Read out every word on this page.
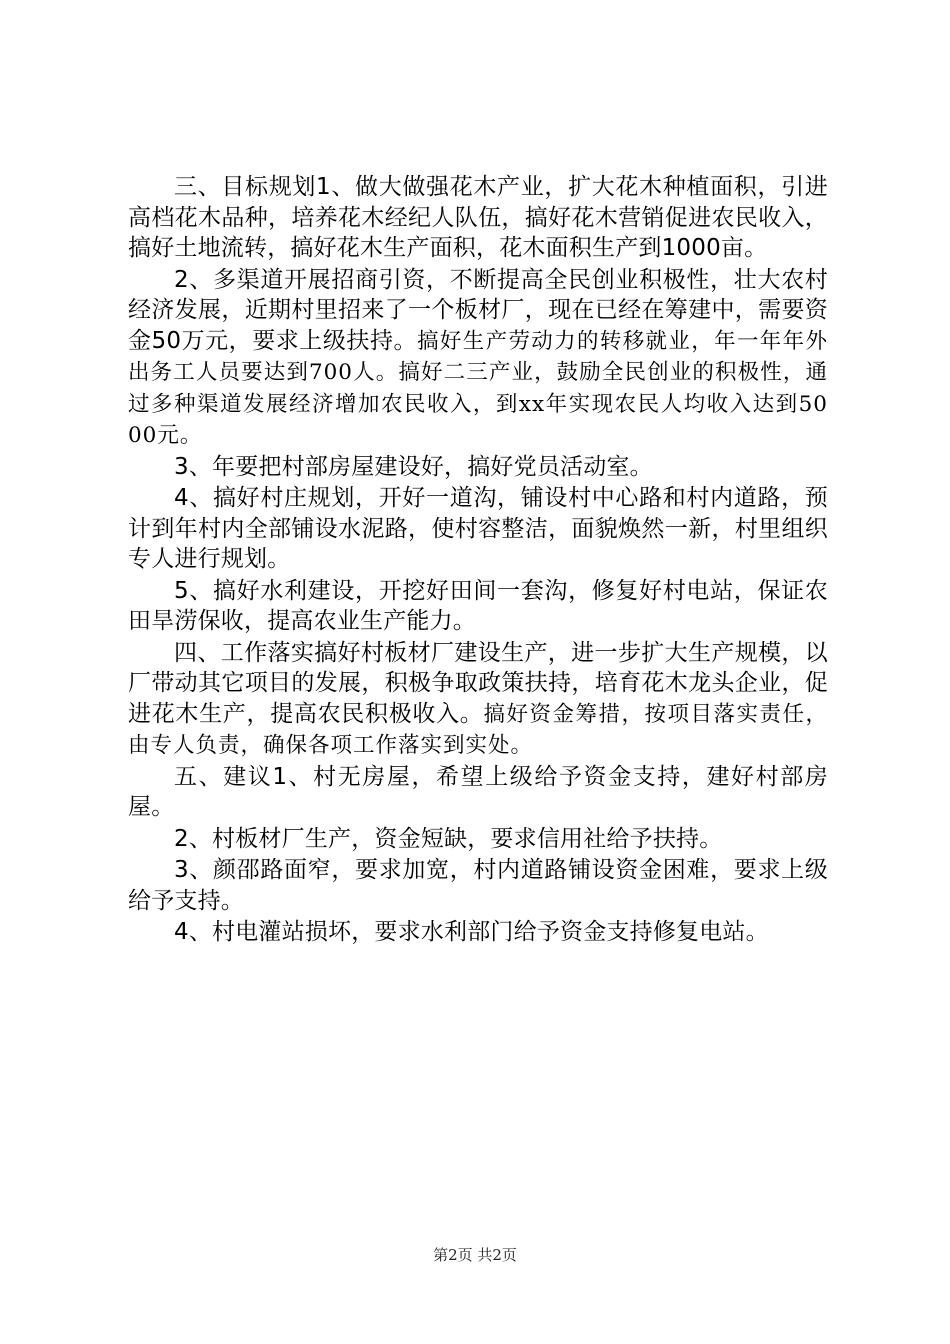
三、目标规划1、做大做强花木产业，扩大花木种植面积，引进高档花木品种，培养花木经纪人队伍，搞好花木营销促进农民收入，搞好土地流转，搞好花木生产面积，花木面积生产到1000亩。

2、多渠道开展招商引资，不断提高全民创业积极性，壮大农村经济发展，近期村里招来了一个板材厂，现在已经在筹建中，需要资金50万元，要求上级扶持。搞好生产劳动力的转移就业，年一年年外出务工人员要达到700人。搞好二三产业，鼓励全民创业的积极性，通过多种渠道发展经济增加农民收入，到xx年实现农民人均收入达到5000元。

3、年要把村部房屋建设好，搞好党员活动室。

4、搞好村庄规划，开好一道沟，铺设村中心路和村内道路，预计到年村内全部铺设水泥路，使村容整洁，面貌焕然一新，村里组织专人进行规划。

5、搞好水利建设，开挖好田间一套沟，修复好村电站，保证农田旱涝保收，提高农业生产能力。

四、工作落实搞好村板材厂建设生产，进一步扩大生产规模，以厂带动其它项目的发展，积极争取政策扶持，培育花木龙头企业，促进花木生产，提高农民积极收入。搞好资金筹措，按项目落实责任，由专人负责，确保各项工作落实到实处。

五、建议1、村无房屋，希望上级给予资金支持，建好村部房屋。

2、村板材厂生产，资金短缺，要求信用社给予扶持。

3、颜邵路面窄，要求加宽，村内道路铺设资金困难，要求上级给予支持。

4、村电灌站损坏，要求水利部门给予资金支持修复电站。

第2页 共2页
